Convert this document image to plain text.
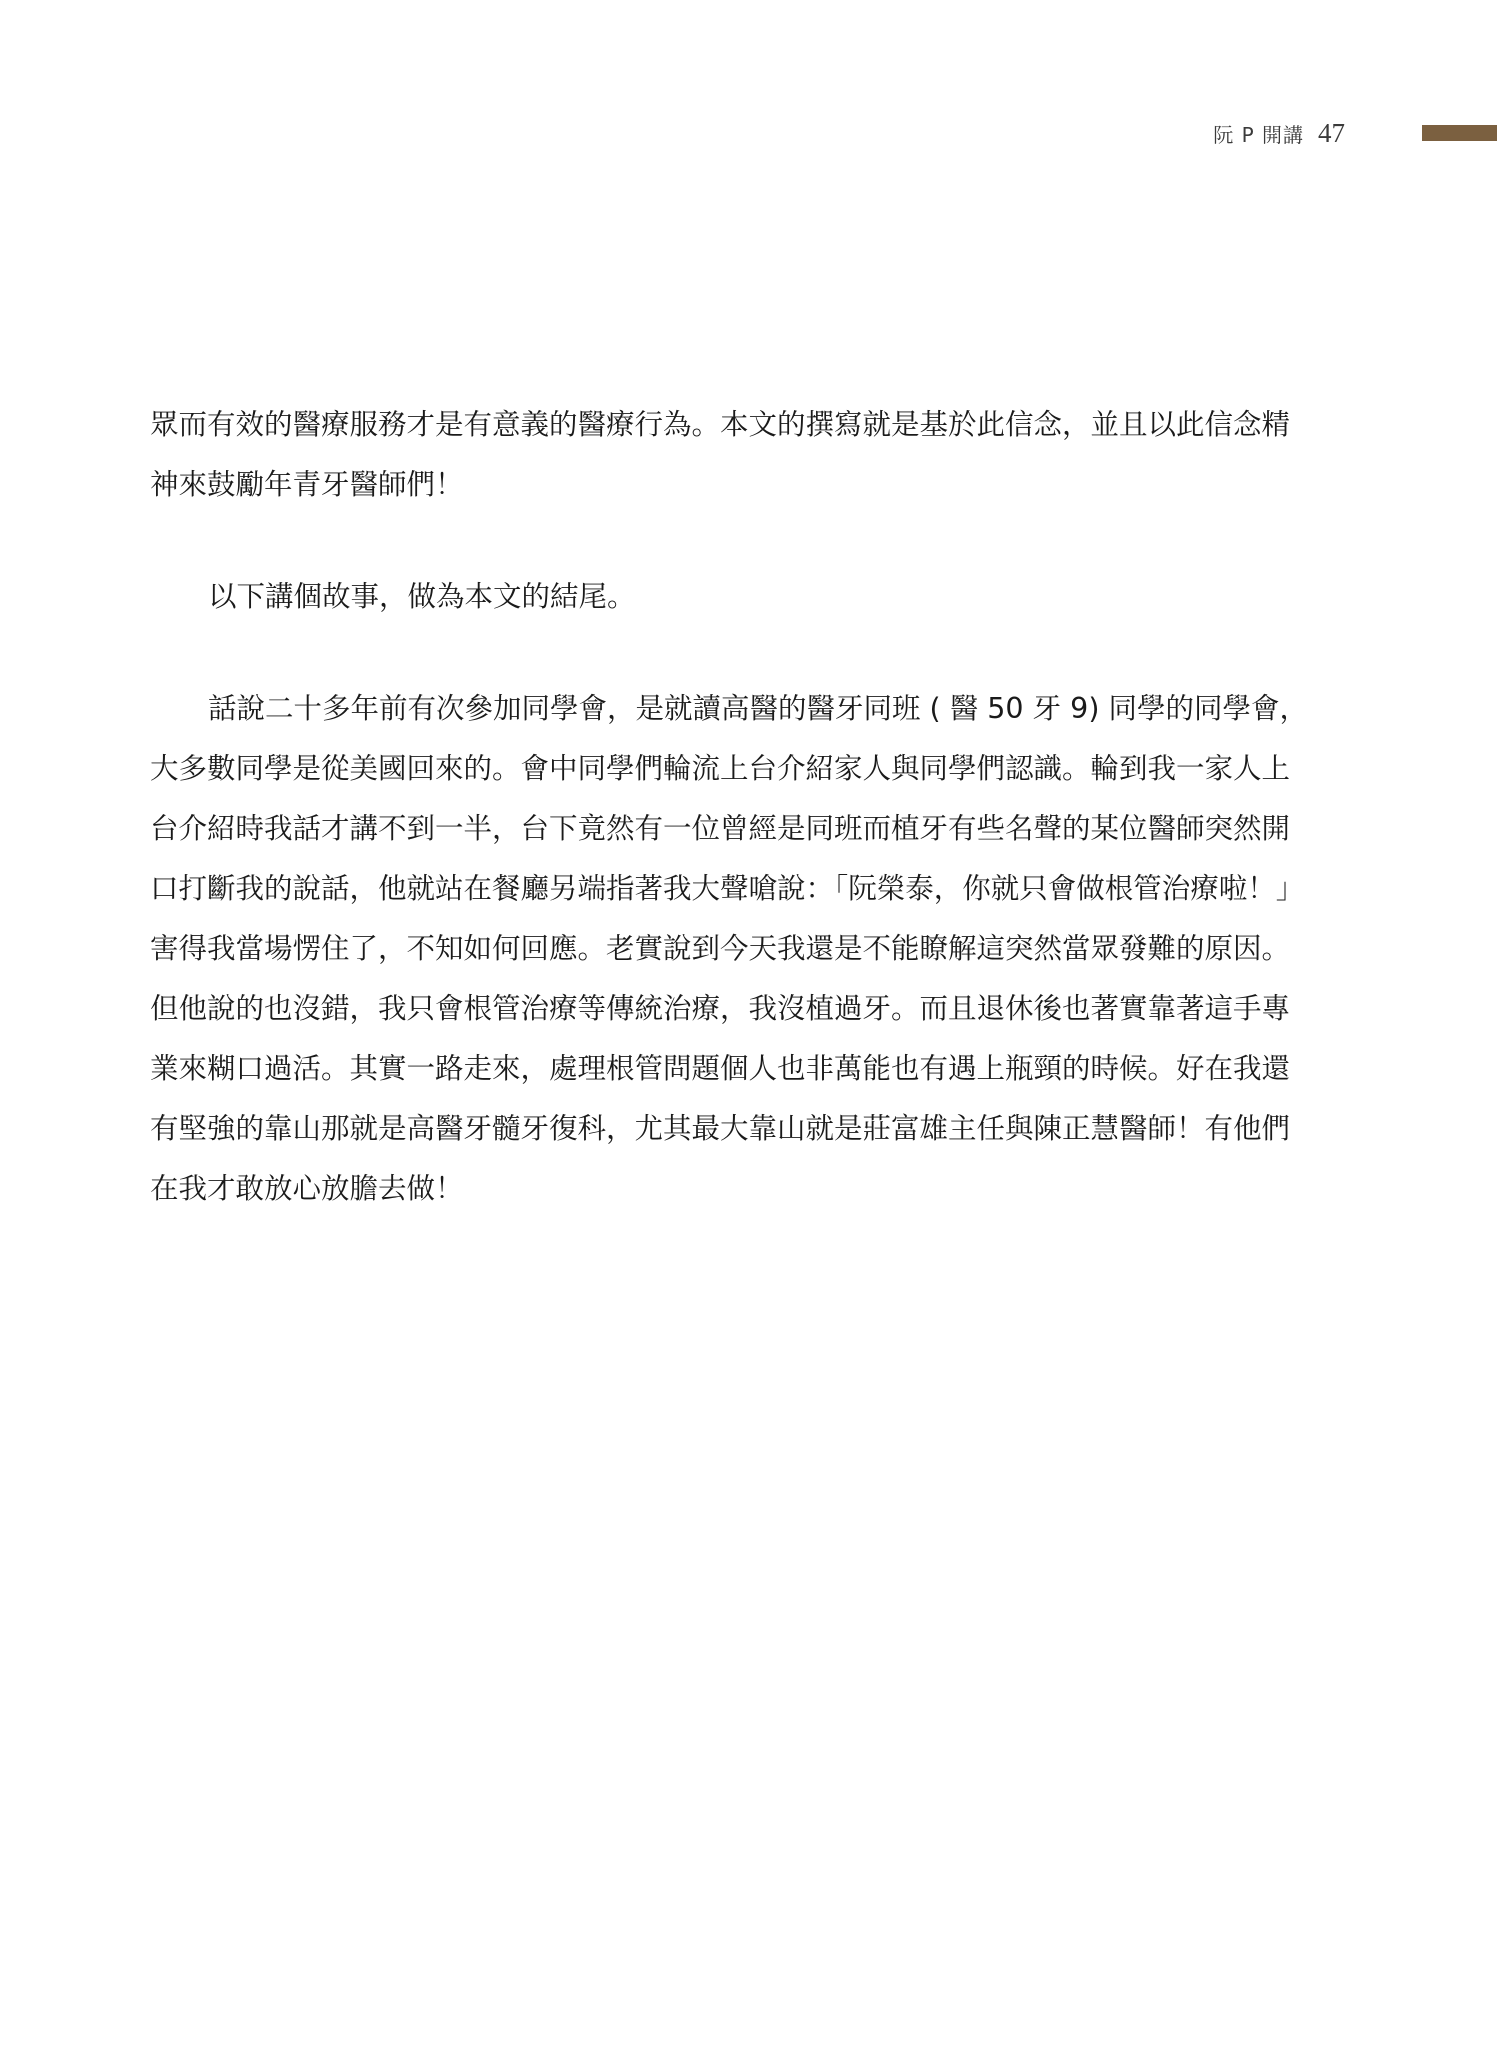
阮 P 開講 47
眾而有效的醫療服務才是有意義的醫療行為。本文的撰寫就是基於此信念，並且以此信念精
神來鼓勵年青牙醫師們！
以下講個故事，做為本文的結尾。
話說二十多年前有次參加同學會，是就讀高醫的醫牙同班 ( 醫 50 牙 9) 同學的同學會，
大多數同學是從美國回來的。會中同學們輪流上台介紹家人與同學們認識。輪到我一家人上
台介紹時我話才講不到一半，台下竟然有一位曾經是同班而植牙有些名聲的某位醫師突然開
口打斷我的說話，他就站在餐廳另端指著我大聲嗆說：「阮榮泰，你就只會做根管治療啦！」
害得我當場愣住了，不知如何回應。老實說到今天我還是不能瞭解這突然當眾發難的原因。
但他說的也沒錯，我只會根管治療等傳統治療，我沒植過牙。而且退休後也著實靠著這手專
業來糊口過活。其實一路走來，處理根管問題個人也非萬能也有遇上瓶頸的時候。好在我還
有堅強的靠山那就是高醫牙髓牙復科，尤其最大靠山就是莊富雄主任與陳正慧醫師！有他們
在我才敢放心放膽去做！
